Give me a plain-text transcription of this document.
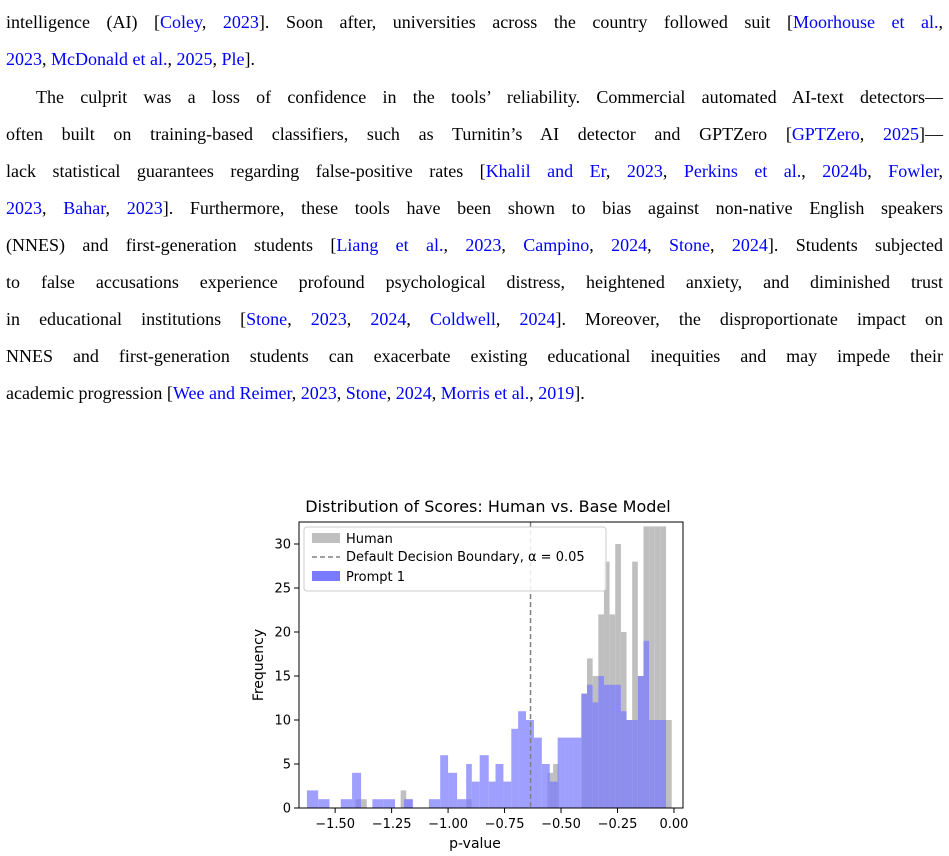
intelligence (AI) [Coley, 2023]. Soon after, universities across the country followed suit [Moorhouse et al.,
2023, McDonald et al., 2025, Ple].
The culprit was a loss of confidence in the tools’ reliability. Commercial automated AI-text detectors—
often built on training-based classifiers, such as Turnitin’s AI detector and GPTZero [GPTZero, 2025]—
lack statistical guarantees regarding false-positive rates [Khalil and Er, 2023, Perkins et al., 2024b, Fowler,
2023, Bahar, 2023]. Furthermore, these tools have been shown to bias against non-native English speakers
(NNES) and first-generation students [Liang et al., 2023, Campino, 2024, Stone, 2024]. Students subjected
to false accusations experience profound psychological distress, heightened anxiety, and diminished trust
in educational institutions [Stone, 2023, 2024, Coldwell, 2024]. Moreover, the disproportionate impact on
NNES and first-generation students can exacerbate existing educational inequities and may impede their
academic progression [Wee and Reimer, 2023, Stone, 2024, Morris et al., 2019].
Distribution of Scores: Human vs. Base Model
−1.50 −1.25 −1.00 −0.75 −0.50 −0.25 0.00
0
5
10
15
20
25
30
p-value
Frequency
Human
Default Decision Boundary, α = 0.05
Prompt 1
